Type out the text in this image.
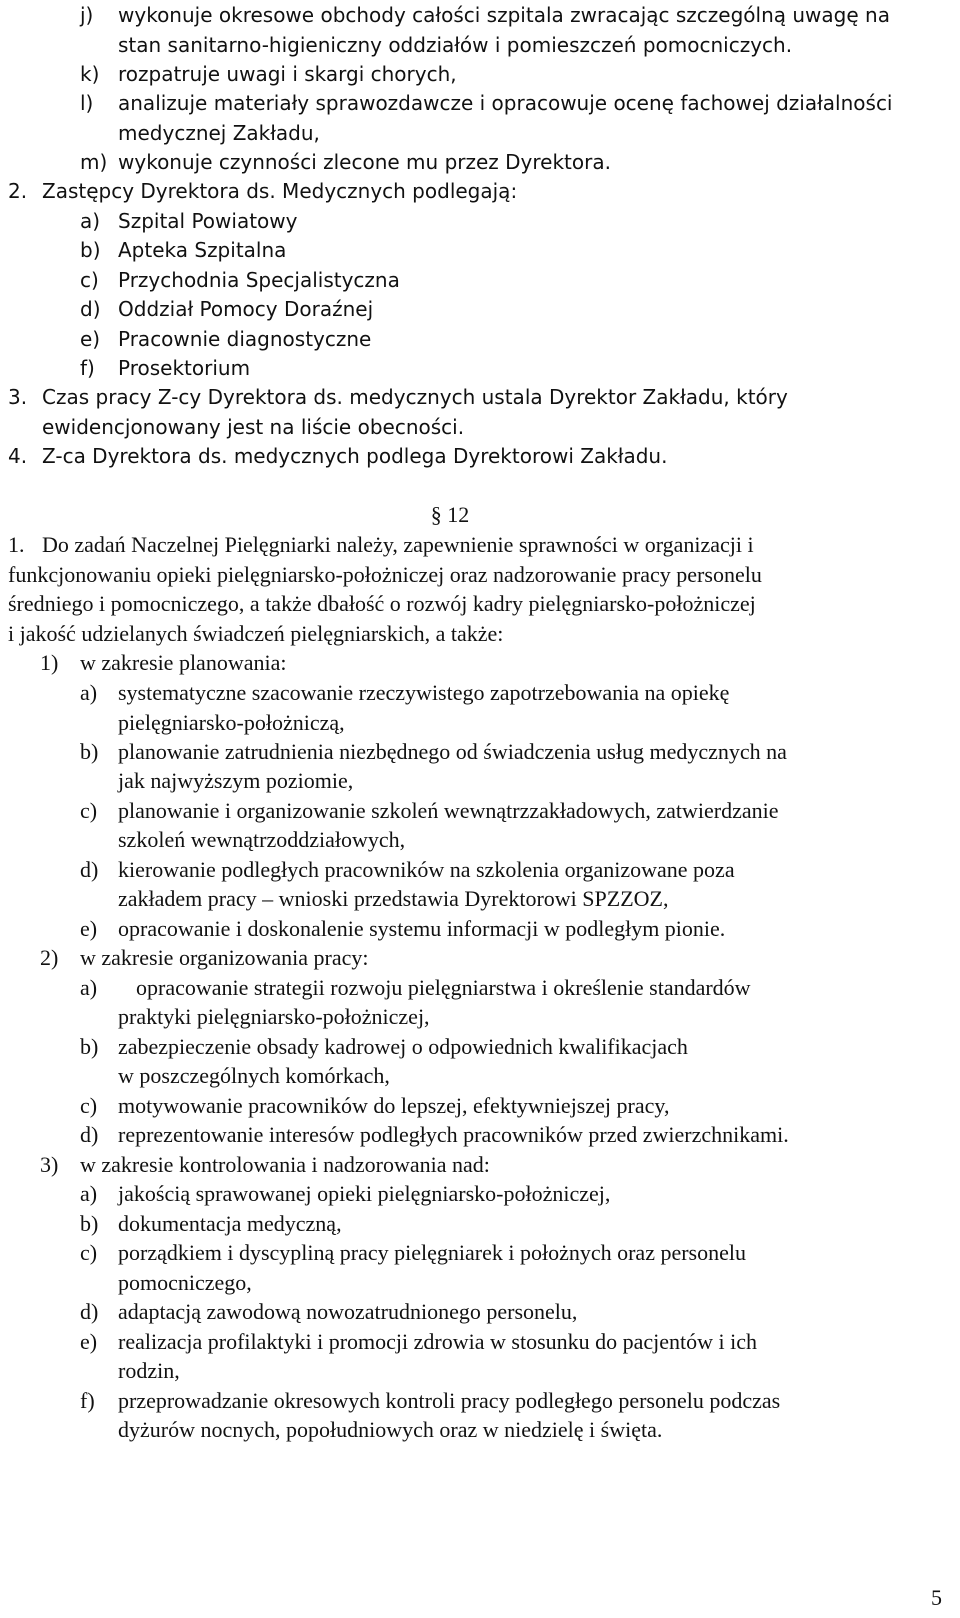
j) wykonuje okresowe obchody całości szpitala zwracając szczególną uwagę na
stan sanitarno-higieniczny oddziałów i pomieszczeń pomocniczych.
k) rozpatruje uwagi i skargi chorych,
l) analizuje materiały sprawozdawcze i opracowuje ocenę fachowej działalności
medycznej Zakładu,
m) wykonuje czynności zlecone mu przez Dyrektora.
2. Zastępcy Dyrektora ds. Medycznych podlegają:
a) Szpital Powiatowy
b) Apteka Szpitalna
c) Przychodnia Specjalistyczna
d) Oddział Pomocy Doraźnej
e) Pracownie diagnostyczne
f) Prosektorium
3. Czas pracy Z-cy Dyrektora ds. medycznych ustala Dyrektor Zakładu, który
ewidencjonowany jest na liście obecności.
4. Z-ca Dyrektora ds. medycznych podlega Dyrektorowi Zakładu.
§ 12
1. Do zadań Naczelnej Pielęgniarki należy, zapewnienie sprawności w organizacji i
funkcjonowaniu opieki pielęgniarsko-położniczej oraz nadzorowanie pracy personelu
średniego i pomocniczego, a także dbałość o rozwój kadry pielęgniarsko-położniczej
i jakość udzielanych świadczeń pielęgniarskich, a także:
1) w zakresie planowania:
a) systematyczne szacowanie rzeczywistego zapotrzebowania na opiekę
pielęgniarsko-położniczą,
b) planowanie zatrudnienia niezbędnego od świadczenia usług medycznych na
jak najwyższym poziomie,
c) planowanie i organizowanie szkoleń wewnątrzzakładowych, zatwierdzanie
szkoleń wewnątrzoddziałowych,
d) kierowanie podległych pracowników na szkolenia organizowane poza
zakładem pracy – wnioski przedstawia Dyrektorowi SPZZOZ,
e) opracowanie i doskonalenie systemu informacji w podległym pionie.
2) w zakresie organizowania pracy:
a) opracowanie strategii rozwoju pielęgniarstwa i określenie standardów
praktyki pielęgniarsko-położniczej,
b) zabezpieczenie obsady kadrowej o odpowiednich kwalifikacjach
w poszczególnych komórkach,
c) motywowanie pracowników do lepszej, efektywniejszej pracy,
d) reprezentowanie interesów podległych pracowników przed zwierzchnikami.
3) w zakresie kontrolowania i nadzorowania nad:
a) jakością sprawowanej opieki pielęgniarsko-położniczej,
b) dokumentacja medyczną,
c) porządkiem i dyscypliną pracy pielęgniarek i położnych oraz personelu
pomocniczego,
d) adaptacją zawodową nowozatrudnionego personelu,
e) realizacja profilaktyki i promocji zdrowia w stosunku do pacjentów i ich
rodzin,
f) przeprowadzanie okresowych kontroli pracy podległego personelu podczas
dyżurów nocnych, popołudniowych oraz w niedzielę i święta.
5
